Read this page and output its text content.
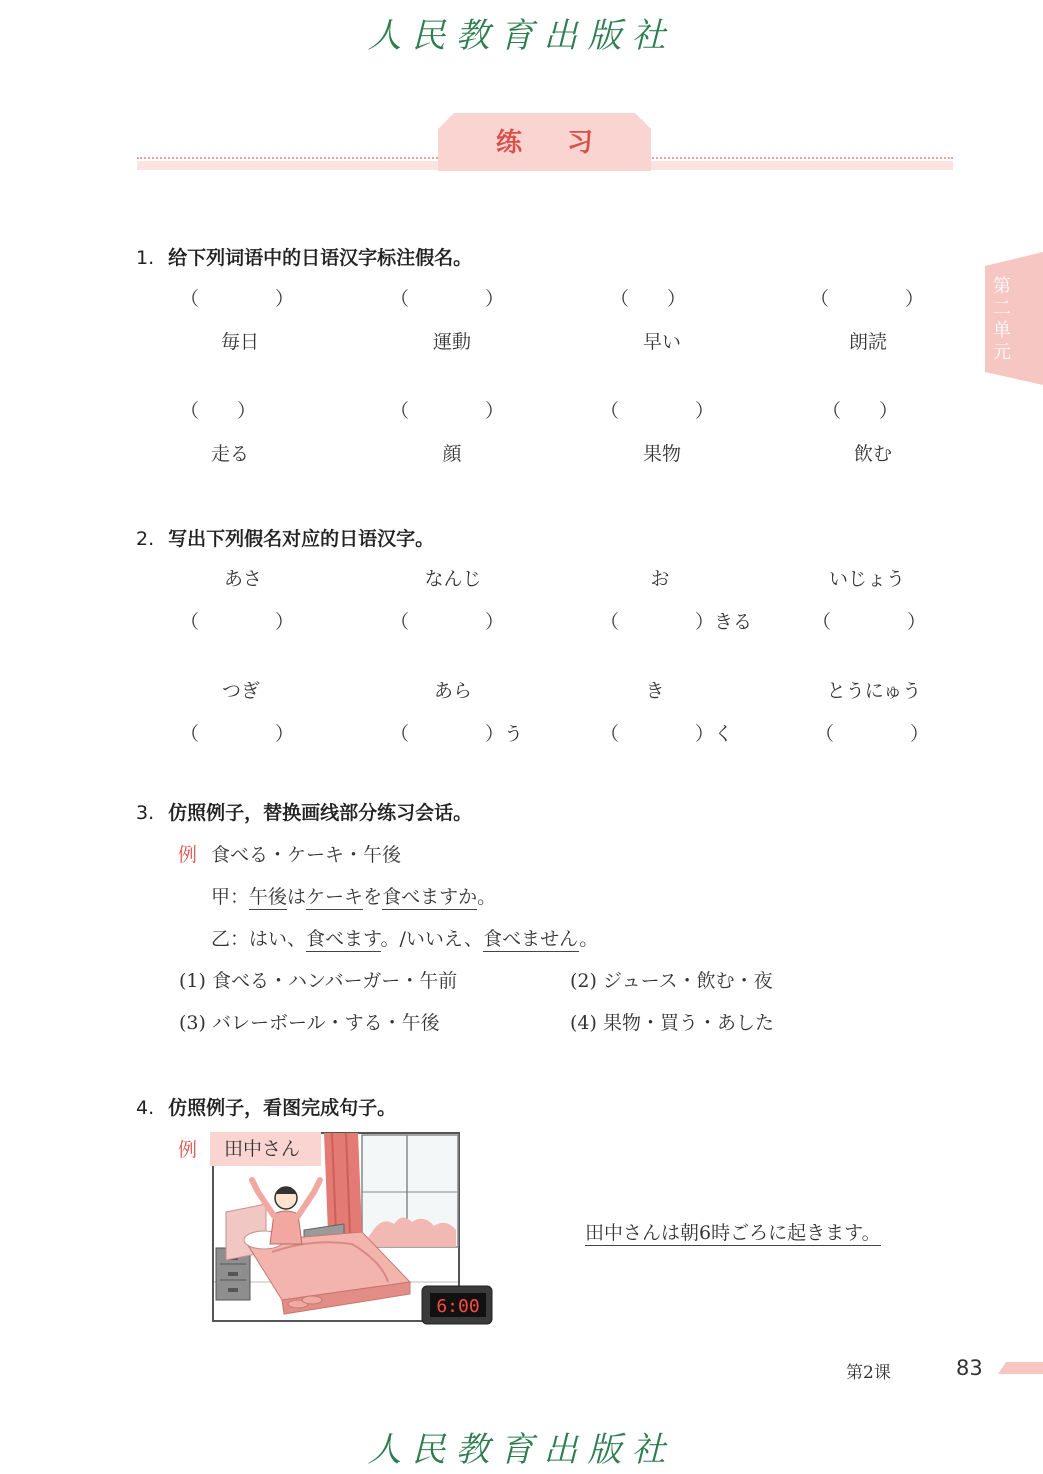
人民教育出版社
练 习
第二单元
1. 给下列词语中的日语汉字标注假名。
（　　　　）	（　　　　）	（　　）	（　　　　）
毎日	運動	早い	朗読
（　　）	（　　　　）	（　　　　）	（　　）
走る	顔	果物	飲む
2. 写出下列假名对应的日语汉字。
あさ	なんじ	お	いじょう
（　　　　）	（　　　　）	（　　　　）きる	（　　　　）
つぎ	あら	き	とうにゅう
（　　　　）	（　　　　）う	（　　　　）く	（　　　　）
3. 仿照例子，替换画线部分练习会话。
例 食べる・ケーキ・午後
甲：午後はケーキを食べますか。
乙：はい、食べます。/いいえ、食べません。
(1) 食べる・ハンバーガー・午前	(2) ジュース・飲む・夜
(3) バレーボール・する・午後	(4) 果物・買う・あした
4. 仿照例子，看图完成句子。
例
6:00
田中さん
田中さんは朝6時ごろに起きます。
第2课	83
人民教育出版社
